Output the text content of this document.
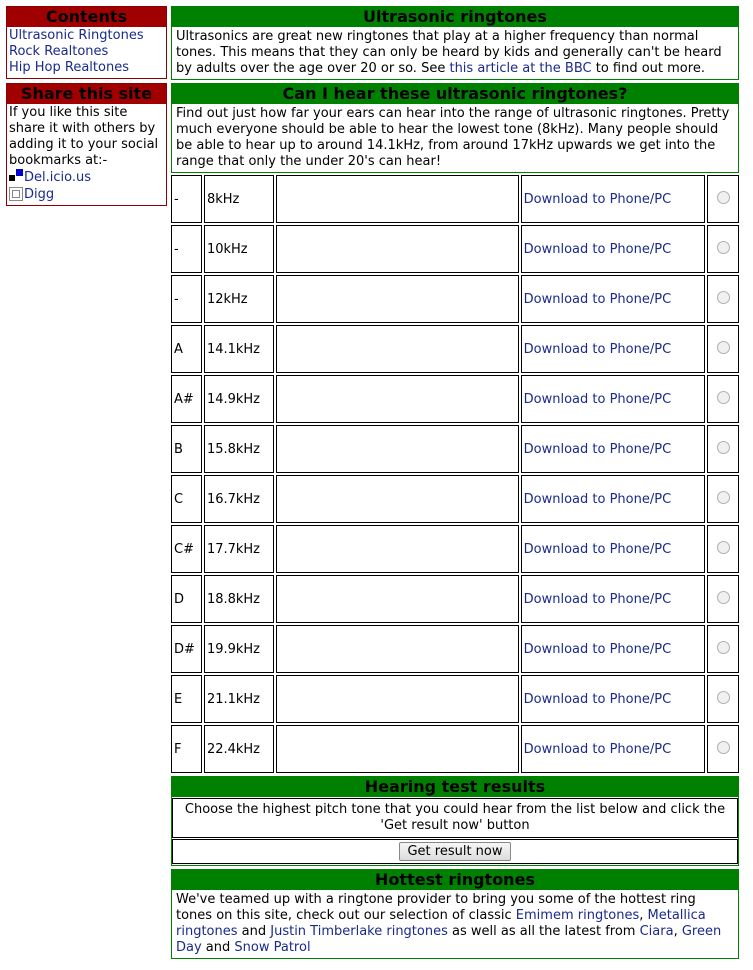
Contents
Ultrasonic Ringtones
Rock Realtones
Hip Hop Realtones
Share this site
If you like this site share it with others by adding it to your social bookmarks at:-
Del.icio.us
Digg
Ultrasonic ringtones
Ultrasonics are great new ringtones that play at a higher frequency than normal tones. This means that they can only be heard by kids and generally can't be heard by adults over the age over 20 or so. See this article at the BBC to find out more.
Can I hear these ultrasonic ringtones?
Find out just how far your ears can hear into the range of ultrasonic ringtones. Pretty much everyone should be able to hear the lowest tone (8kHz). Many people should be able to hear up to around 14.1kHz, from around 17kHz upwards we get into the range that only the under 20's can hear!
-	8kHz		Download to Phone/PC	
-	10kHz		Download to Phone/PC	
-	12kHz		Download to Phone/PC	
A	14.1kHz		Download to Phone/PC	
A#	14.9kHz		Download to Phone/PC	
B	15.8kHz		Download to Phone/PC	
C	16.7kHz		Download to Phone/PC	
C#	17.7kHz		Download to Phone/PC	
D	18.8kHz		Download to Phone/PC	
D#	19.9kHz		Download to Phone/PC	
E	21.1kHz		Download to Phone/PC	
F	22.4kHz		Download to Phone/PC	
Hearing test results
Choose the highest pitch tone that you could hear from the list below and click the 'Get result now' button
Get result now
Hottest ringtones
We've teamed up with a ringtone provider to bring you some of the hottest ring tones on this site, check out our selection of classic Emimem ringtones, Metallica ringtones and Justin Timberlake ringtones as well as all the latest from Ciara, Green Day and Snow Patrol
